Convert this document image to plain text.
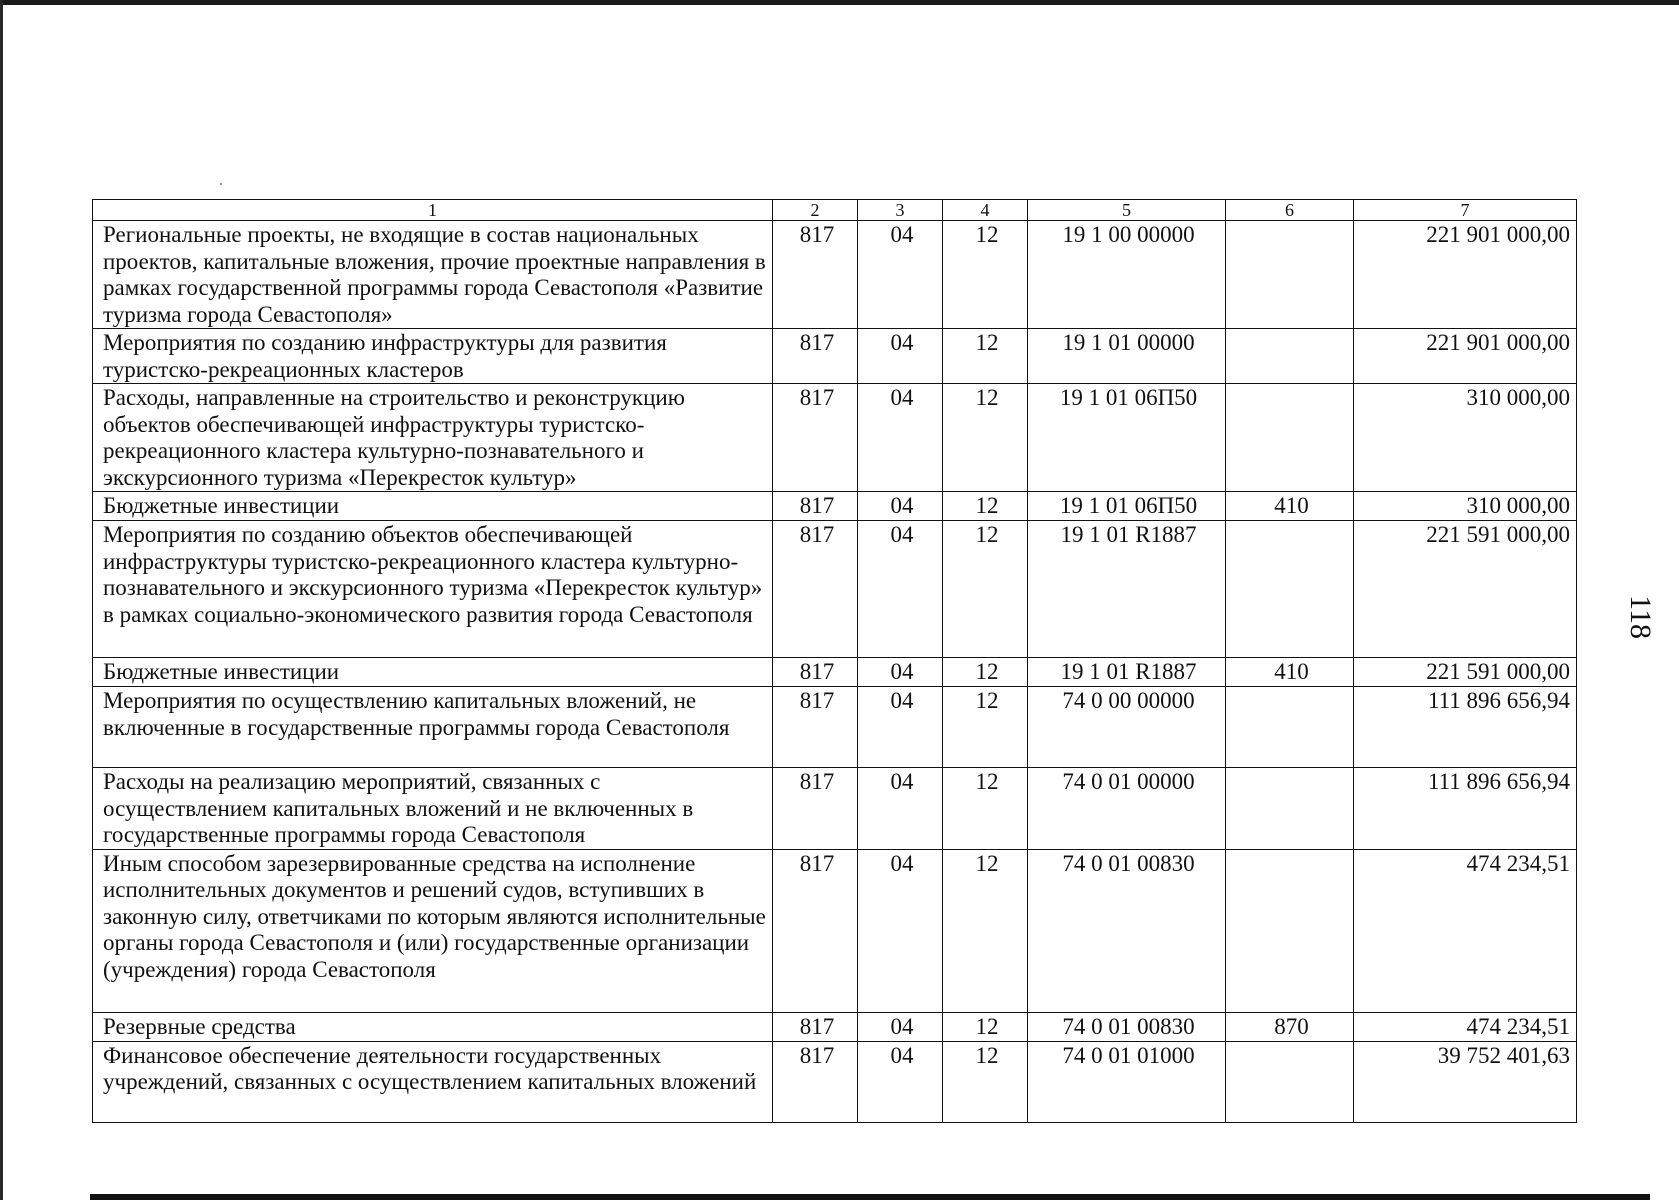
1	2	3	4	5	6	7
Региональные проекты, не входящие в состав национальных проектов, капитальные вложения, прочие проектные направления в рамках государственной программы города Севастополя «Развитие туризма города Севастополя»	817	04	12	19 1 00 00000		221 901 000,00
Мероприятия по созданию инфраструктуры для развития туристско-рекреационных кластеров	817	04	12	19 1 01 00000		221 901 000,00
Расходы, направленные на строительство и реконструкцию объектов обеспечивающей инфраструктуры туристско-рекреационного кластера культурно-познавательного и экскурсионного туризма «Перекресток культур»	817	04	12	19 1 01 06П50		310 000,00
Бюджетные инвестиции	817	04	12	19 1 01 06П50	410	310 000,00
Мероприятия по созданию объектов обеспечивающей инфраструктуры туристско-рекреационного кластера культурно-познавательного и экскурсионного туризма «Перекресток культур» в рамках социально-экономического развития города Севастополя	817	04	12	19 1 01 R1887		221 591 000,00
Бюджетные инвестиции	817	04	12	19 1 01 R1887	410	221 591 000,00
Мероприятия по осуществлению капитальных вложений, не включенные в государственные программы города Севастополя	817	04	12	74 0 00 00000		111 896 656,94
Расходы на реализацию мероприятий, связанных с осуществлением капитальных вложений и не включенных в государственные программы города Севастополя	817	04	12	74 0 01 00000		111 896 656,94
Иным способом зарезервированные средства на исполнение исполнительных документов и решений судов, вступивших в законную силу, ответчиками по которым являются исполнительные органы города Севастополя и (или) государственные организации (учреждения) города Севастополя	817	04	12	74 0 01 00830		474 234,51
Резервные средства	817	04	12	74 0 01 00830	870	474 234,51
Финансовое обеспечение деятельности государственных учреждений, связанных с осуществлением капитальных вложений	817	04	12	74 0 01 01000		39 752 401,63
118
